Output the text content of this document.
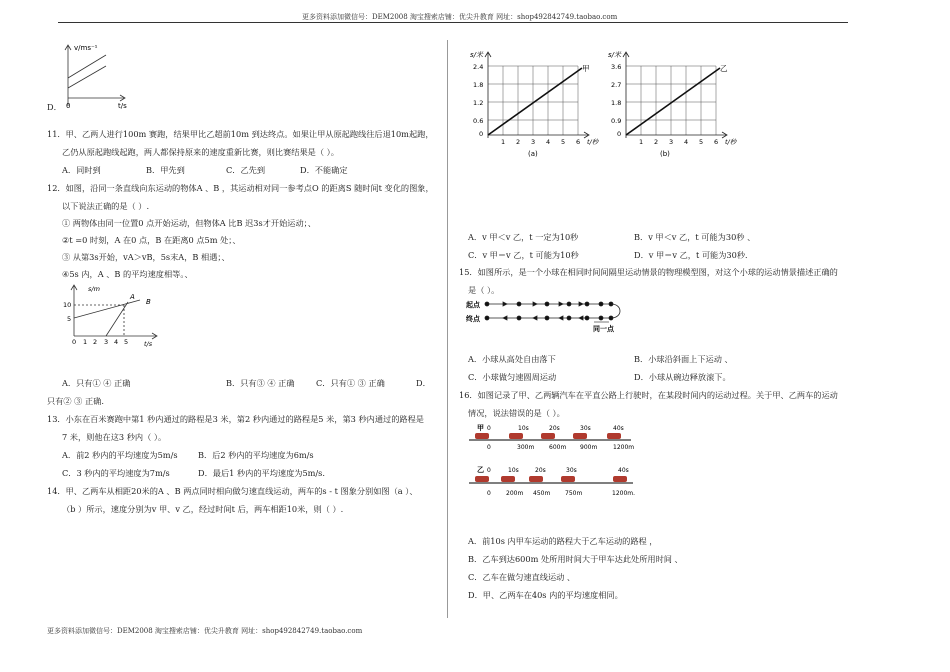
更多资料添加微信号：DEM2008 淘宝搜索店铺：优尖升教育 网址：shop492842749.taobao.com
更多资料添加微信号：DEM2008 淘宝搜索店铺：优尖升教育 网址：shop492842749.taobao.com
D．
v/ms⁻¹
0	t/s
11．甲、乙两人进行100m 赛跑，结果甲比乙超前10m 到达终点。如果让甲从原起跑线往后退10m起跑，
乙仍从原起跑线起跑，两人都保持原来的速度重新比赛，则比赛结果是（ ）。
A．同时到	B．甲先到	C．乙先到	D．不能确定
12．如图，沿同一条直线向东运动的物体A 、B ，其运动相对同一参考点O 的距离S 随时间t 变化的图象，
以下说法正确的是（ ）.
① 两物体由同一位置0 点开始运动，但物体A 比B 迟3s才开始运动；、
②t =0 时刻，A 在0 点，B 在距离0 点5m 处；、
③ 从第3s开始，vA＞vB，5s末A，B 相遇；、
④5s 内，A 、B 的平均速度相等。、
s/m
10
5
0 1 2 3 4 5 t/s
A
B
A．只有① ④ 正确	B．只有③ ④ 正确	C．只有① ③ 正确	D．
只有② ③ 正确.
13．小东在百米赛跑中第1 秒内通过的路程是3 米，第2 秒内通过的路程是5 米，第3 秒内通过的路程是
7 米，则他在这3 秒内（ ）。
A．前2 秒内的平均速度为5m/s B．后2 秒内的平均速度为6m/s
C．3 秒内的平均速度为7m/s	D．最后1 秒内的平均速度为5m/s.
14．甲、乙两车从相距20米的A 、B 两点同时相向做匀速直线运动，两车的s - t 图象分别如图（a ）、
（b ）所示，速度分别为v 甲、v 乙，经过时间t 后，两车相距10米，则（ ）.
s/米
2.4
1.8
1.2
0.6
0
1 2 3 4 5 6 t/秒
甲
(a)
s/米
3.6
2.7
1.8
0.9
0
1 2 3 4 5 6 t/秒
乙
(b)
A．v 甲＜v 乙，t 一定为10秒	B．v 甲＜v 乙，t 可能为30秒 、
C．v 甲＝v 乙，t 可能为10秒	D．v 甲＝v 乙，t 可能为30秒．
15．如图所示，是一个小球在相同时间间隔里运动情景的物理模型图，对这个小球的运动情景描述正确的
是（ ）。
起点
终点
同一点
A．小球从高处自由落下	B．小球沿斜面上下运动 、
C．小球做匀速圆周运动	D．小球从碗边释放滚下。
16．如图记录了甲、乙两辆汽车在平直公路上行驶时，在某段时间内的运动过程。关于甲、乙两车的运动
情况，说法错误的是（ ）。
甲 0	10s	20s	30s	40s
0	300m 600m 900m	1200m
乙 0	10s	20s	30s	40s
0	200m 450m 750m	1200m.
A．前10s 内甲车运动的路程大于乙车运动的路程 ，
B．乙车到达600m 处所用时间大于甲车达此处所用时间 、
C．乙车在做匀速直线运动 、
D．甲、乙两车在40s 内的平均速度相同。
